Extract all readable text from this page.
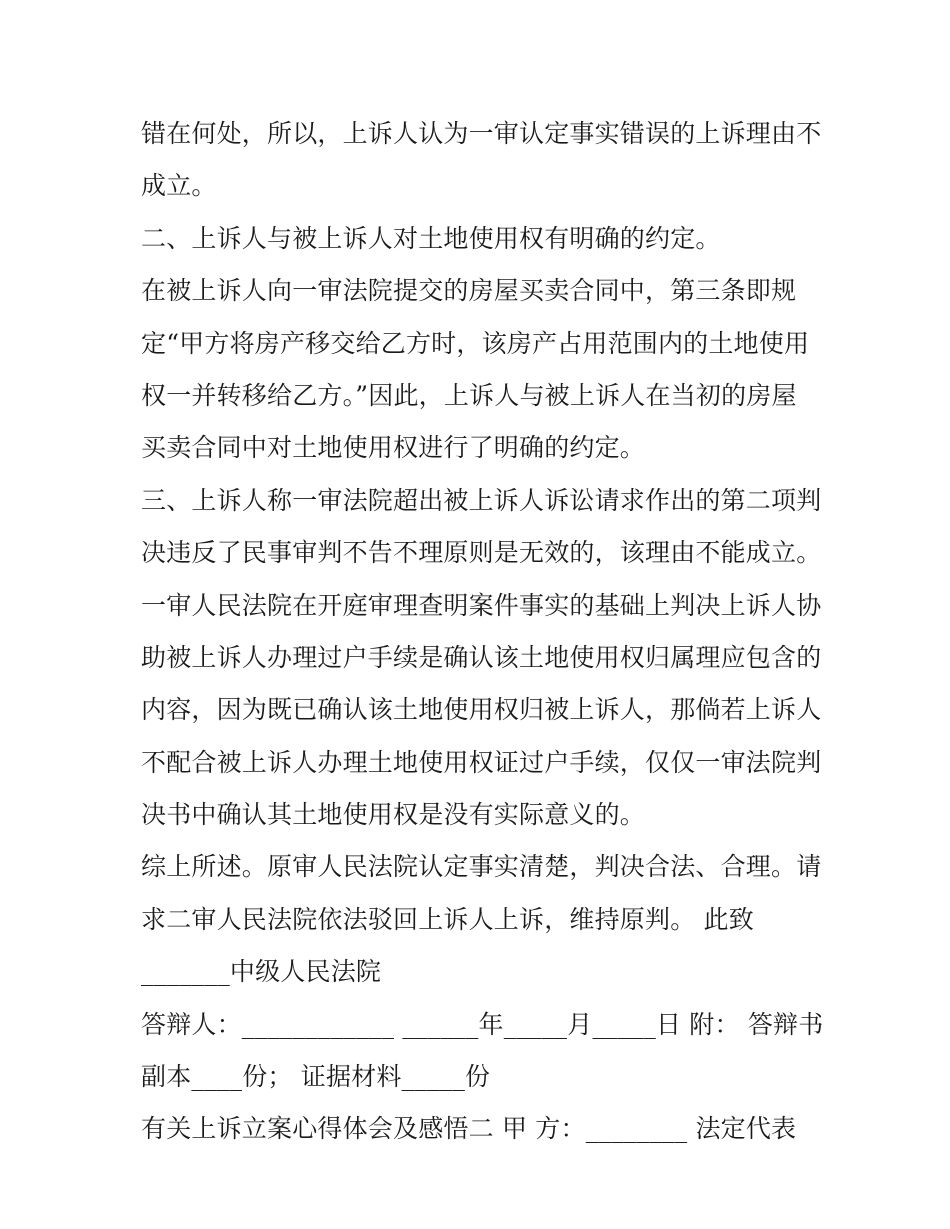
错在何处，所以，上诉人认为一审认定事实错误的上诉理由不
成立。
二、上诉人与被上诉人对土地使用权有明确的约定。
在被上诉人向一审法院提交的房屋买卖合同中，第三条即规
定“甲方将房产移交给乙方时，该房产占用范围内的土地使用
权一并转移给乙方。”因此，上诉人与被上诉人在当初的房屋
买卖合同中对土地使用权进行了明确的约定。
三、上诉人称一审法院超出被上诉人诉讼请求作出的第二项判
决违反了民事审判不告不理原则是无效的，该理由不能成立。
一审人民法院在开庭审理查明案件事实的基础上判决上诉人协
助被上诉人办理过户手续是确认该土地使用权归属理应包含的
内容，因为既已确认该土地使用权归被上诉人，那倘若上诉人
不配合被上诉人办理土地使用权证过户手续，仅仅一审法院判
决书中确认其土地使用权是没有实际意义的。
综上所述。原审人民法院认定事实清楚，判决合法、合理。请
求二审人民法院依法驳回上诉人上诉，维持原判。 此致
_______中级人民法院
答辩人：____________ ______年_____月_____日 附： 答辩书
副本____份； 证据材料_____份
有关上诉立案心得体会及感悟二 甲 方：________ 法定代表
